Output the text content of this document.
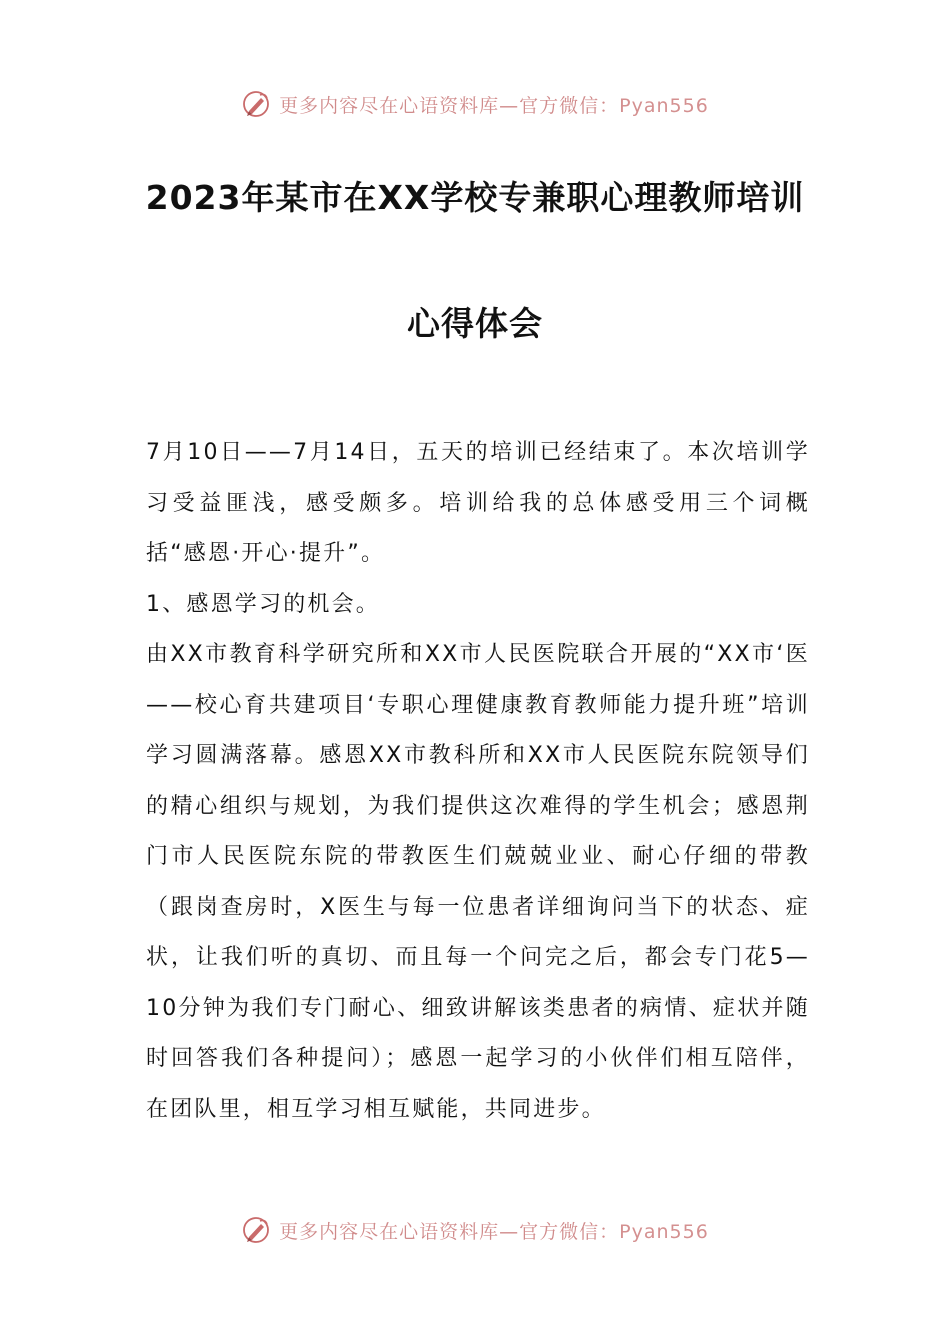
更多内容尽在心语资料库—官方微信：Pyan556
2023年某市在XX学校专兼职心理教师培训
心得体会

7月10日——7月14日，五天的培训已经结束了。本次培训学习受益匪浅，感受颇多。培训给我的总体感受用三个词概括“感恩·开心·提升”。

1、感恩学习的机会。

由XX市教育科学研究所和XX市人民医院联合开展的“XX市‘医——校心育共建项目‘专职心理健康教育教师能力提升班”培训学习圆满落幕。感恩XX市教科所和XX市人民医院东院领导们的精心组织与规划，为我们提供这次难得的学生机会；感恩荆门市人民医院东院的带教医生们兢兢业业、耐心仔细的带教（跟岗查房时，X医生与每一位患者详细询问当下的状态、症状，让我们听的真切、而且每一个问完之后，都会专门花5—10分钟为我们专门耐心、细致讲解该类患者的病情、症状并随时回答我们各种提问）；感恩一起学习的小伙伴们相互陪伴，在团队里，相互学习相互赋能，共同进步。

更多内容尽在心语资料库—官方微信：Pyan556
